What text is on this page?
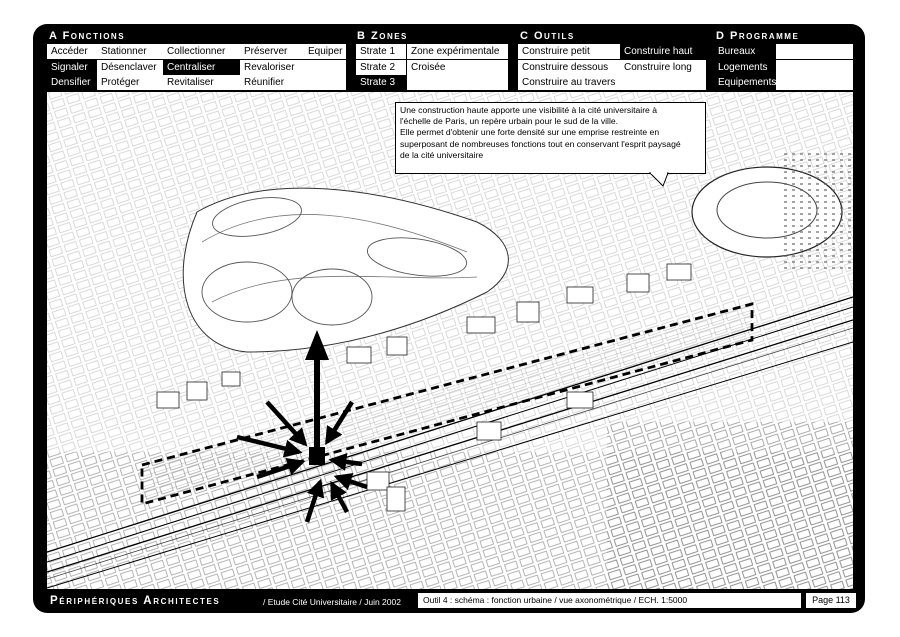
A Fonctions	B Zones	C Outils	D Programme
Accéder	Stationner	Collectionner	Préserver	Equiper
Signaler	Désenclaver	Centraliser	Revaloriser
Densifier	Protéger	Revitaliser	Réunifier
Strate 1	Zone expérimentale
Strate 2	Croisée
Strate 3
Construire petit	Construire haut
Construire dessous	Construire long
Construire au travers
Bureaux
Logements
Equipements
Une construction haute apporte une visibilité à la cité universitaire à
l'échelle de Paris, un repère urbain pour le sud de la ville.
Elle permet d'obtenir une forte densité sur une emprise restreinte en
superposant de nombreuses fonctions tout en conservant l'esprit paysagé
de la cité universitaire
Périphériques Architectes	/ Etude Cité Universitaire / Juin 2002	Outil 4 : schéma : fonction urbaine / vue axonométrique / ECH. 1:5000	Page 113
